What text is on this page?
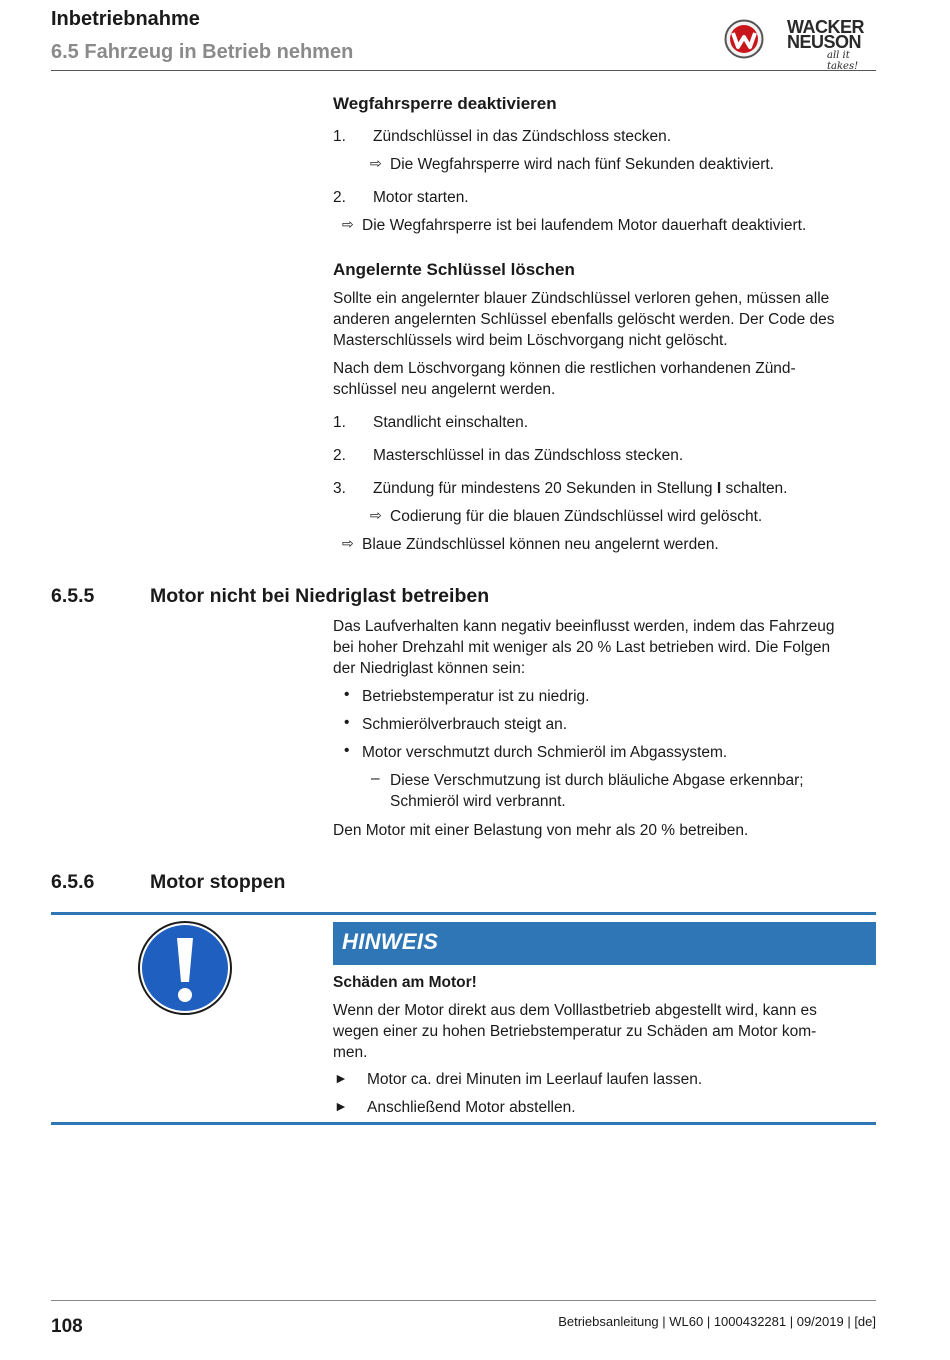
Inbetriebnahme
6.5 Fahrzeug in Betrieb nehmen
WACKER
NEUSON
all it takes!
Wegfahrsperre deaktivieren
1. Zündschlüssel in das Zündschloss stecken.
⇨ Die Wegfahrsperre wird nach fünf Sekunden deaktiviert.
2. Motor starten.
⇨ Die Wegfahrsperre ist bei laufendem Motor dauerhaft deaktiviert.
Angelernte Schlüssel löschen

Sollte ein angelernter blauer Zündschlüssel verloren gehen, müssen alle anderen angelernten Schlüssel ebenfalls gelöscht werden. Der Code des Masterschlüssels wird beim Löschvorgang nicht gelöscht.

Nach dem Löschvorgang können die restlichen vorhandenen Zünd-
schlüssel neu angelernt werden.
1. Standlicht einschalten.
2. Masterschlüssel in das Zündschloss stecken.
3. Zündung für mindestens 20 Sekunden in Stellung I schalten.
⇨ Codierung für die blauen Zündschlüssel wird gelöscht.
⇨ Blaue Zündschlüssel können neu angelernt werden.
6.5.5	Motor nicht bei Niedriglast betreiben
Das Laufverhalten kann negativ beeinflusst werden, indem das Fahrzeug
bei hoher Drehzahl mit weniger als 20 % Last betrieben wird. Die Folgen
der Niedriglast können sein:
• Betriebstemperatur ist zu niedrig.
• Schmierölverbrauch steigt an.
• Motor verschmutzt durch Schmieröl im Abgassystem.
– Diese Verschmutzung ist durch bläuliche Abgase erkennbar;
Schmieröl wird verbrannt.
Den Motor mit einer Belastung von mehr als 20 % betreiben.
6.5.6	Motor stoppen
HINWEIS
Schäden am Motor!
Wenn der Motor direkt aus dem Volllastbetrieb abgestellt wird, kann es
wegen einer zu hohen Betriebstemperatur zu Schäden am Motor kom-
men.
► Motor ca. drei Minuten im Leerlauf laufen lassen.
► Anschließend Motor abstellen.
108	Betriebsanleitung | WL60 | 1000432281 | 09/2019 | [de]
